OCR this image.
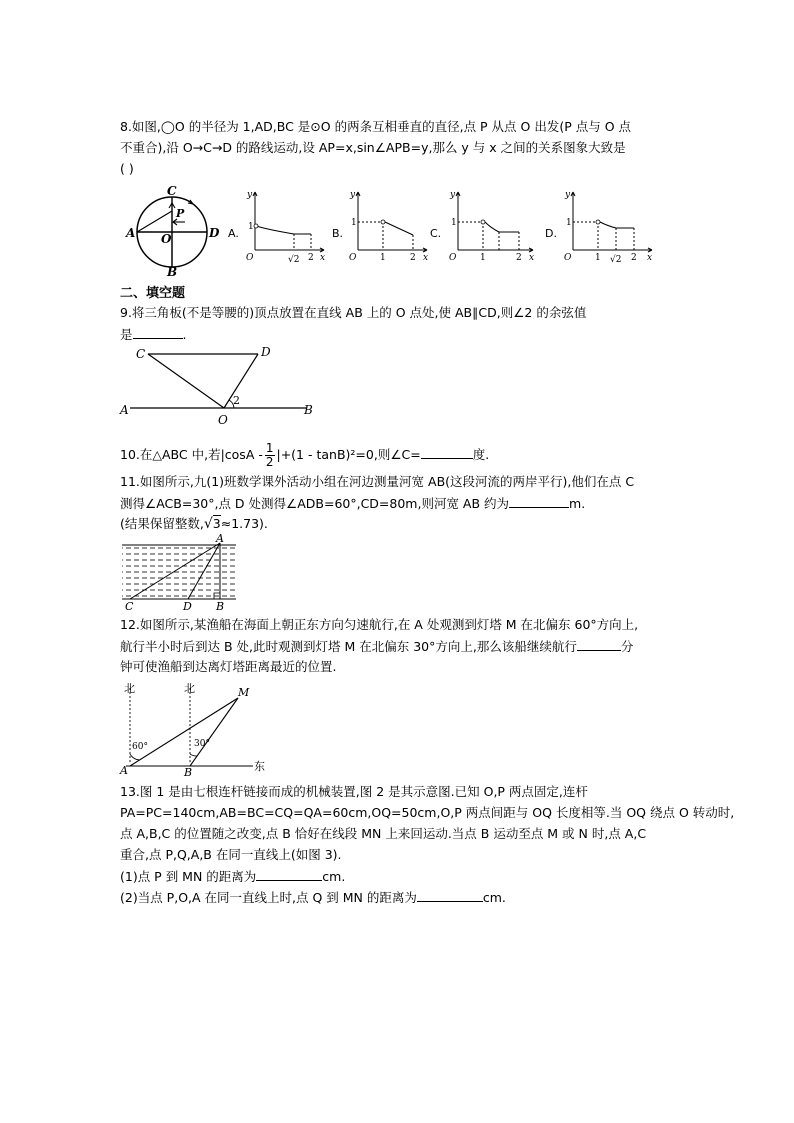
8.如图,◯O 的半径为 1,AD,BC 是⊙O 的两条互相垂直的直径,点 P 从点 O 出发(P 点与 O 点
不重合),沿 O→C→D 的路线运动,设 AP=x,sin∠APB=y,那么 y 与 x 之间的关系图象大致是
( )
C
P
A O	D
B
A.
y
1
O	√2 2 x
B.
y
1
O	1	2 x
C.
y
1
O	1	2 x
D.
y
1
O	1 √2 2 x
二、填空题
9.将三角板(不是等腰的)顶点放置在直线 AB 上的 O 点处,使 AB∥CD,则∠2 的余弦值
是	.
C	D
2
A
O
B
10.在△ABC 中,若$|\cos A - \frac{1}{2} |+(1 - \tan B)^2=0$,则∠C=	度.
11.如图所示,九(1)班数学课外活动小组在河边测量河宽 AB(这段河流的两岸平行),他们在点 C
测得∠ACB=30°,点 D 处测得∠ADB=60°,CD=80m,则河宽 AB 约为	m.
(结果保留整数,√3≈1.73).
A
C	D B
12.如图所示,某渔船在海面上朝正东方向匀速航行,在 A 处观测到灯塔 M 在北偏东 60°方向上,
航行半小时后到达 B 处,此时观测到灯塔 M 在北偏东 30°方向上,那么该船继续航行	分
钟可使渔船到达离灯塔距离最近的位置.
北	北	M
60°	30°
A	B	东
13.图 1 是由七根连杆链接而成的机械装置,图 2 是其示意图.已知 O,P 两点固定,连杆
PA=PC=140cm,AB=BC=CQ=QA=60cm,OQ=50cm,O,P 两点间距与 OQ 长度相等.当 OQ 绕点 O 转动时,
点 A,B,C 的位置随之改变,点 B 恰好在线段 MN 上来回运动.当点 B 运动至点 M 或 N 时,点 A,C
重合,点 P,Q,A,B 在同一直线上(如图 3).
(1)点 P 到 MN 的距离为	cm.
(2)当点 P,O,A 在同一直线上时,点 Q 到 MN 的距离为	cm.
